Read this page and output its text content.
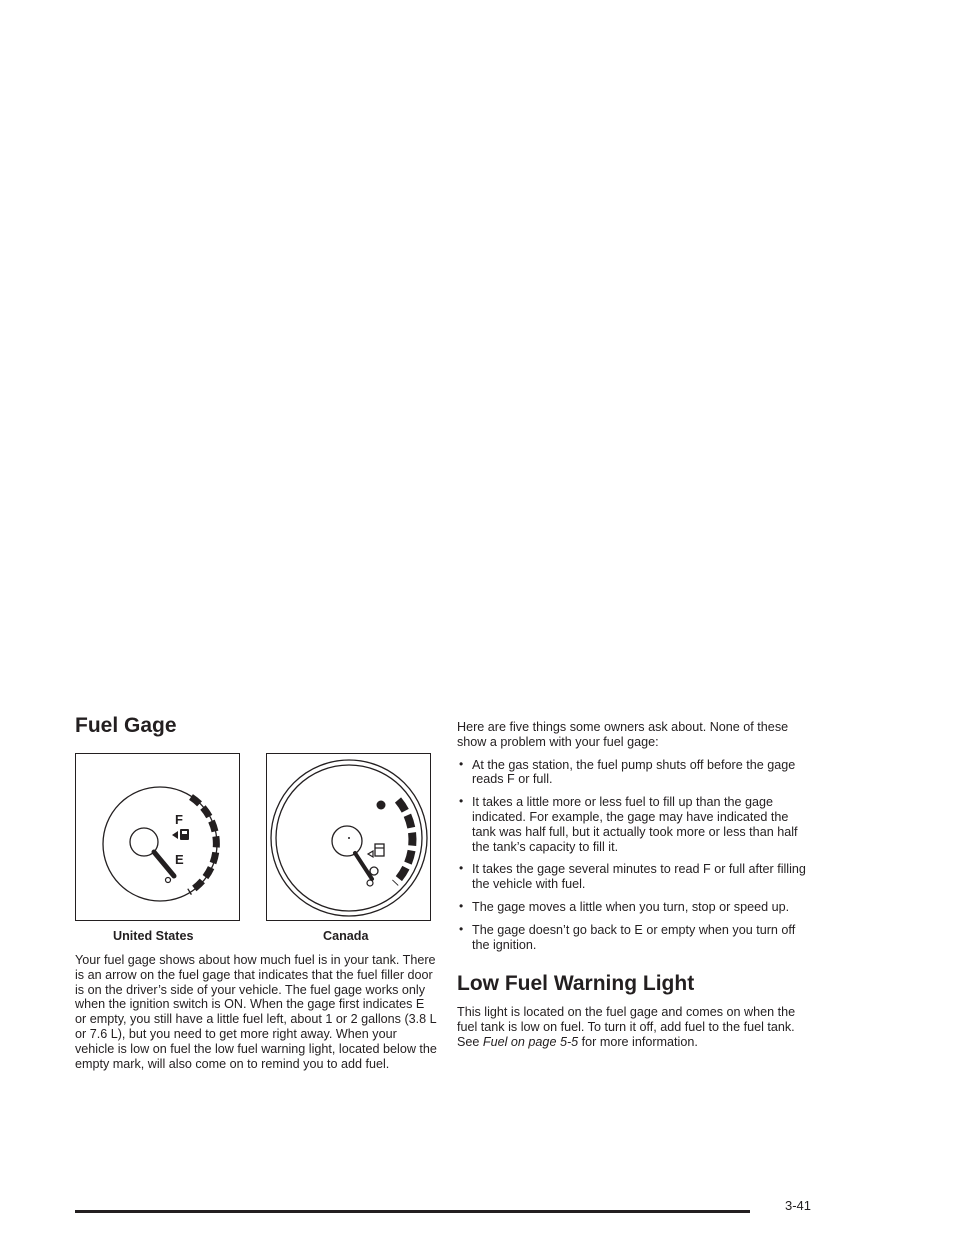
Fuel Gage
F
E
United States	Canada

Your fuel gage shows about how much fuel is in your tank. There is an arrow on the fuel gage that indicates that the fuel filler door is on the driver’s side of your vehicle. The fuel gage works only when the ignition switch is ON. When the gage first indicates E or empty, you still have a little fuel left, about 1 or 2 gallons (3.8 L or 7.6 L), but you need to get more right away. When your vehicle is low on fuel the low fuel warning light, located below the empty mark, will also come on to remind you to add fuel.

Here are five things some owners ask about. None of these show a problem with your fuel gage:

• At the gas station, the fuel pump shuts off before the gage reads F or full.
• It takes a little more or less fuel to fill up than the gage indicated. For example, the gage may have indicated the tank was half full, but it actually took more or less than half the tank’s capacity to fill it.
• It takes the gage several minutes to read F or full after filling the vehicle with fuel.
• The gage moves a little when you turn, stop or speed up.
• The gage doesn’t go back to E or empty when you turn off the ignition.
Low Fuel Warning Light

This light is located on the fuel gage and comes on when the fuel tank is low on fuel. To turn it off, add fuel to the fuel tank. See Fuel on page 5-5 for more information.

3-41
